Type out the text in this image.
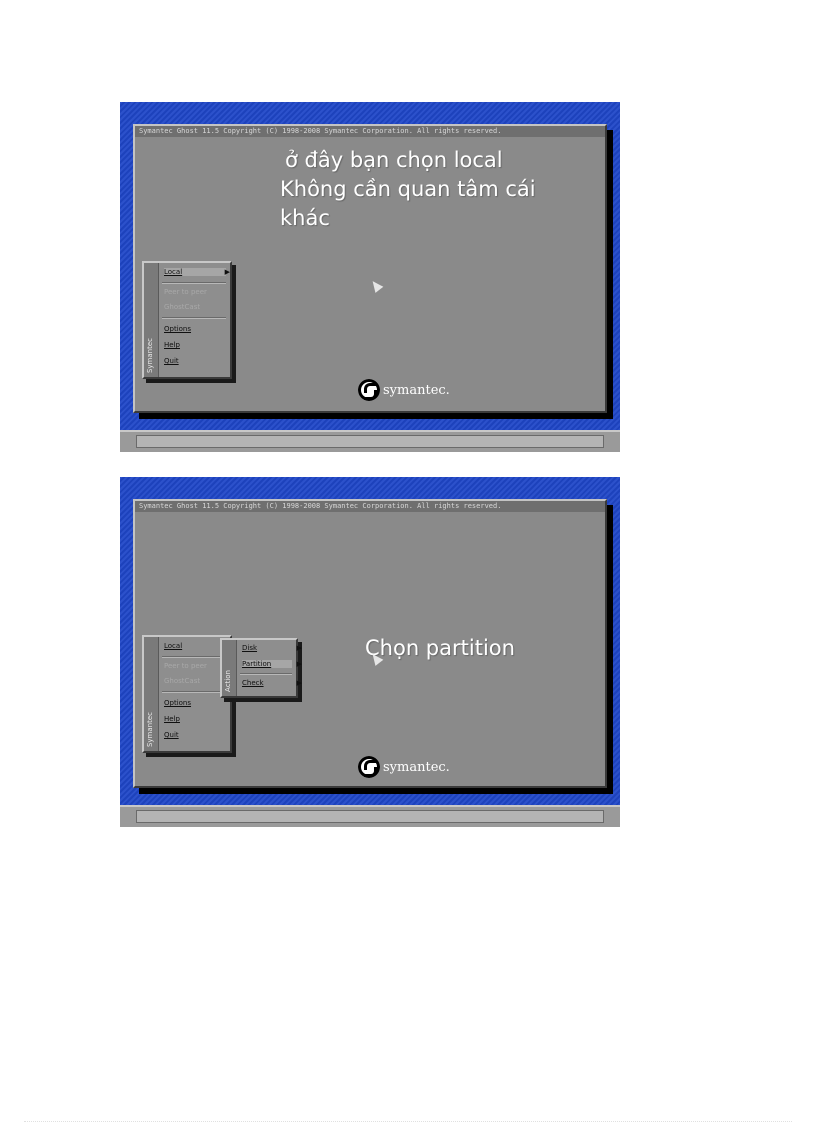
Symantec Ghost 11.5 Copyright (C) 1998-2008 Symantec Corporation. All rights reserved.
ở đây bạn chọn local
Không cần quan tâm cái
khác
Symantec
Local	▶
Peer to peer
GhostCast
Options
Help
Quit
symantec.
Symantec Ghost 11.5 Copyright (C) 1998-2008 Symantec Corporation. All rights reserved.
Chọn partition
Symantec
Local
Peer to peer
GhostCast
Options
Help
Quit
Action
Disk	▶
Partition	▶
Check	▶
symantec.
